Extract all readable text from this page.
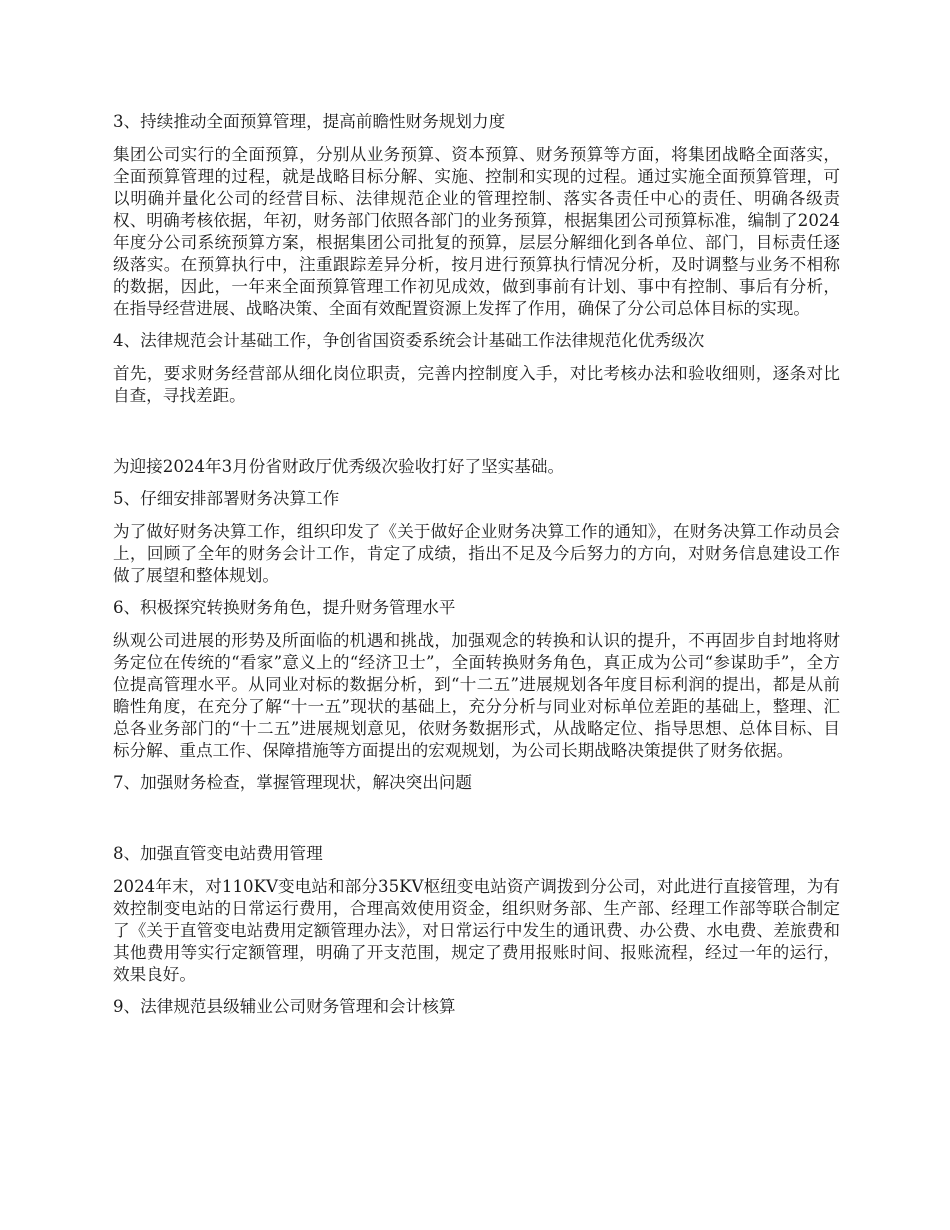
3、持续推动全面预算管理，提高前瞻性财务规划力度

集团公司实行的全面预算，分别从业务预算、资本预算、财务预算等方面，将集团战略全面落实，全面预算管理的过程，就是战略目标分解、实施、控制和实现的过程。通过实施全面预算管理，可以明确并量化公司的经营目标、法律规范企业的管理控制、落实各责任中心的责任、明确各级责权、明确考核依据，年初，财务部门依照各部门的业务预算，根据集团公司预算标准，编制了2024年度分公司系统预算方案，根据集团公司批复的预算，层层分解细化到各单位、部门，目标责任逐级落实。在预算执行中，注重跟踪差异分析，按月进行预算执行情况分析，及时调整与业务不相称的数据，因此，一年来全面预算管理工作初见成效，做到事前有计划、事中有控制、事后有分析，在指导经营进展、战略决策、全面有效配置资源上发挥了作用，确保了分公司总体目标的实现。

4、法律规范会计基础工作，争创省国资委系统会计基础工作法律规范化优秀级次

首先，要求财务经营部从细化岗位职责，完善内控制度入手，对比考核办法和验收细则，逐条对比自查，寻找差距。

为迎接2024年3月份省财政厅优秀级次验收打好了坚实基础。

5、仔细安排部署财务决算工作

为了做好财务决算工作，组织印发了《关于做好企业财务决算工作的通知》，在财务决算工作动员会上，回顾了全年的财务会计工作，肯定了成绩，指出不足及今后努力的方向，对财务信息建设工作做了展望和整体规划。

6、积极探究转换财务角色，提升财务管理水平

纵观公司进展的形势及所面临的机遇和挑战，加强观念的转换和认识的提升，不再固步自封地将财务定位在传统的“看家”意义上的“经济卫士”，全面转换财务角色，真正成为公司“参谋助手”，全方位提高管理水平。从同业对标的数据分析，到“十二五”进展规划各年度目标利润的提出，都是从前瞻性角度，在充分了解“十一五”现状的基础上，充分分析与同业对标单位差距的基础上，整理、汇总各业务部门的“十二五”进展规划意见，依财务数据形式，从战略定位、指导思想、总体目标、目标分解、重点工作、保障措施等方面提出的宏观规划，为公司长期战略决策提供了财务依据。

7、加强财务检查，掌握管理现状，解决突出问题

8、加强直管变电站费用管理

2024年末，对110KV变电站和部分35KV枢纽变电站资产调拨到分公司，对此进行直接管理，为有效控制变电站的日常运行费用，合理高效使用资金，组织财务部、生产部、经理工作部等联合制定了《关于直管变电站费用定额管理办法》，对日常运行中发生的通讯费、办公费、水电费、差旅费和其他费用等实行定额管理，明确了开支范围，规定了费用报账时间、报账流程，经过一年的运行，效果良好。

9、法律规范县级辅业公司财务管理和会计核算
